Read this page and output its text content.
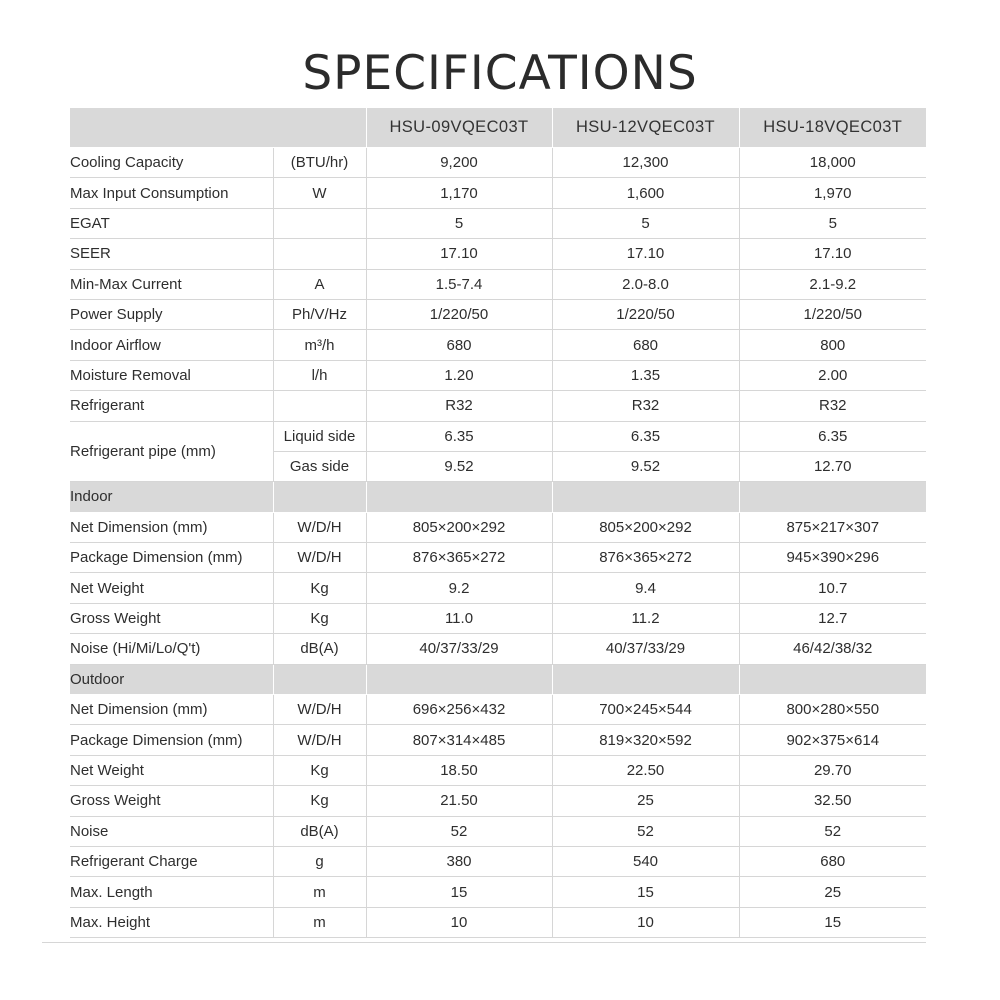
SPECIFICATIONS
		HSU-09VQEC03T	HSU-12VQEC03T	HSU-18VQEC03T
Cooling Capacity	(BTU/hr)	9,200	12,300	18,000
Max Input Consumption	W	1,170	1,600	1,970
EGAT		5	5	5
SEER		17.10	17.10	17.10
Min-Max Current	A	1.5-7.4	2.0-8.0	2.1-9.2
Power Supply	Ph/V/Hz	1/220/50	1/220/50	1/220/50
Indoor Airflow	m³/h	680	680	800
Moisture Removal	l/h	1.20	1.35	2.00
Refrigerant		R32	R32	R32
Refrigerant pipe (mm)	Liquid side	6.35	6.35	6.35
	Gas side	9.52	9.52	12.70
Indoor				
Net Dimension (mm)	W/D/H	805×200×292	805×200×292	875×217×307
Package Dimension (mm)	W/D/H	876×365×272	876×365×272	945×390×296
Net Weight	Kg	9.2	9.4	10.7
Gross Weight	Kg	11.0	11.2	12.7
Noise (Hi/Mi/Lo/Q't)	dB(A)	40/37/33/29	40/37/33/29	46/42/38/32
Outdoor				
Net Dimension (mm)	W/D/H	696×256×432	700×245×544	800×280×550
Package Dimension (mm)	W/D/H	807×314×485	819×320×592	902×375×614
Net Weight	Kg	18.50	22.50	29.70
Gross Weight	Kg	21.50	25	32.50
Noise	dB(A)	52	52	52
Refrigerant Charge	g	380	540	680
Max. Length	m	15	15	25
Max. Height	m	10	10	15
